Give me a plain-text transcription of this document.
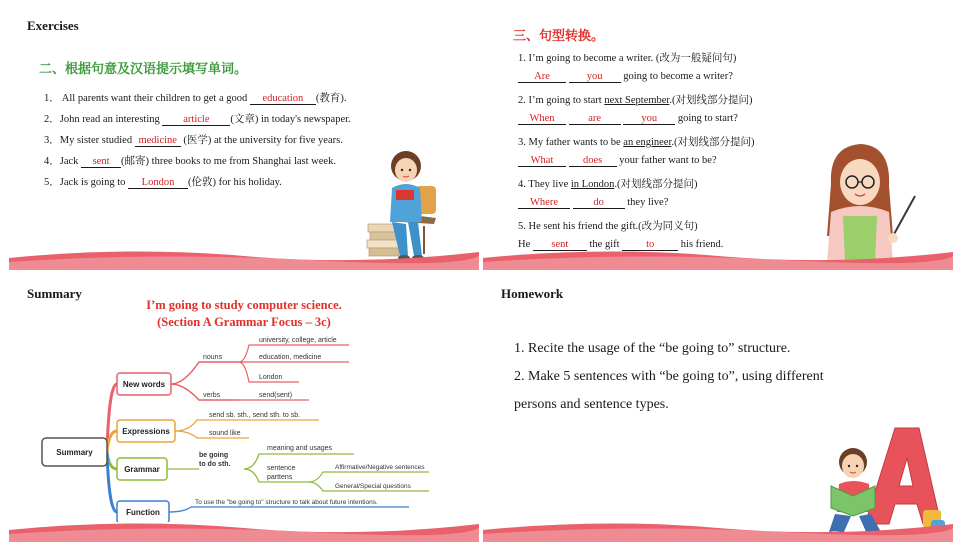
Exercises
二、根据句意及汉语提示填写单词。
1． All parents want their children to get a good education (教育).
2．John read an interesting article (文章) in today's newspaper.
3．My sister studied medicine (医学) at the university for five years.
4．Jack sent (邮寄) three books to me from Shanghai last week.
5．Jack is going to London (伦敦) for his holiday.
三、句型转换。
1. I’m going to become a writer. (改为一般疑问句)
Are	you going to become a writer?
2. I’m going to start next September.(对划线部分提问)
When	are	you going to start?
3. My father wants to be an engineer.(对划线部分提问)
What	does your father want to be?
4. They live in London.(对划线部分提问)
Where	do they live?
5. He sent his friend the gift.(改为同义句)
He sent the gift to his friend.
Summary
I’m going to study computer science.
(Section A Grammar Focus – 3c)
Summary
New words
nouns
verbs
university, college, article
education, medicine
London
send(sent)
Expressions
send sb. sth., send sth. to sb.
sound like
Grammar
be going
to do sth.
meaning and usages
sentence
parttens
Affirmative/Negative sentences
General/Special questions
Function
To use the "be going to" structure to talk about future intentions.
Homework
1. Recite the usage of the “be going to” structure.
2. Make 5 sentences with “be going to”, using different
persons and sentence types.
A
